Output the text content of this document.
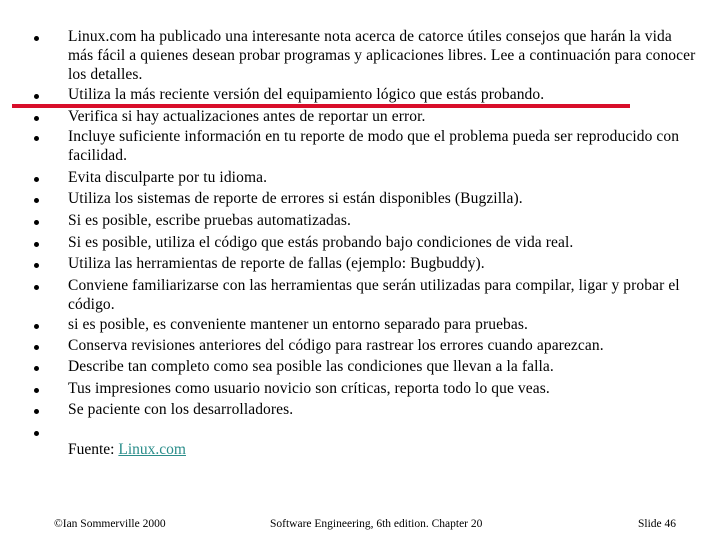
Linux.com ha publicado una interesante nota acerca de catorce útiles consejos que harán la vida más fácil a quienes desean probar programas y aplicaciones libres. Lee a continuación para conocer los detalles.
Utiliza la más reciente versión del equipamiento lógico que estás probando.
Verifica si hay actualizaciones antes de reportar un error.
Incluye suficiente información en tu reporte de modo que el problema pueda ser reproducido con facilidad.
Evita disculparte por tu idioma.
Utiliza los sistemas de reporte de errores si están disponibles (Bugzilla).
Si es posible, escribe pruebas automatizadas.
Si es posible, utiliza el código que estás probando bajo condiciones de vida real.
Utiliza las herramientas de reporte de fallas (ejemplo: Bugbuddy).
Conviene familiarizarse con las herramientas que serán utilizadas para compilar, ligar y probar el código.
si es posible, es conveniente mantener un entorno separado para pruebas.
Conserva revisiones anteriores del código para rastrear los errores cuando aparezcan.
Describe tan completo como sea posible las condiciones que llevan a la falla.
Tus impresiones como usuario novicio son críticas, reporta todo lo que veas.
Se paciente con los desarrolladores.
Fuente: Linux.com
©Ian Sommerville 2000	Software Engineering, 6th edition. Chapter 20	Slide 46
